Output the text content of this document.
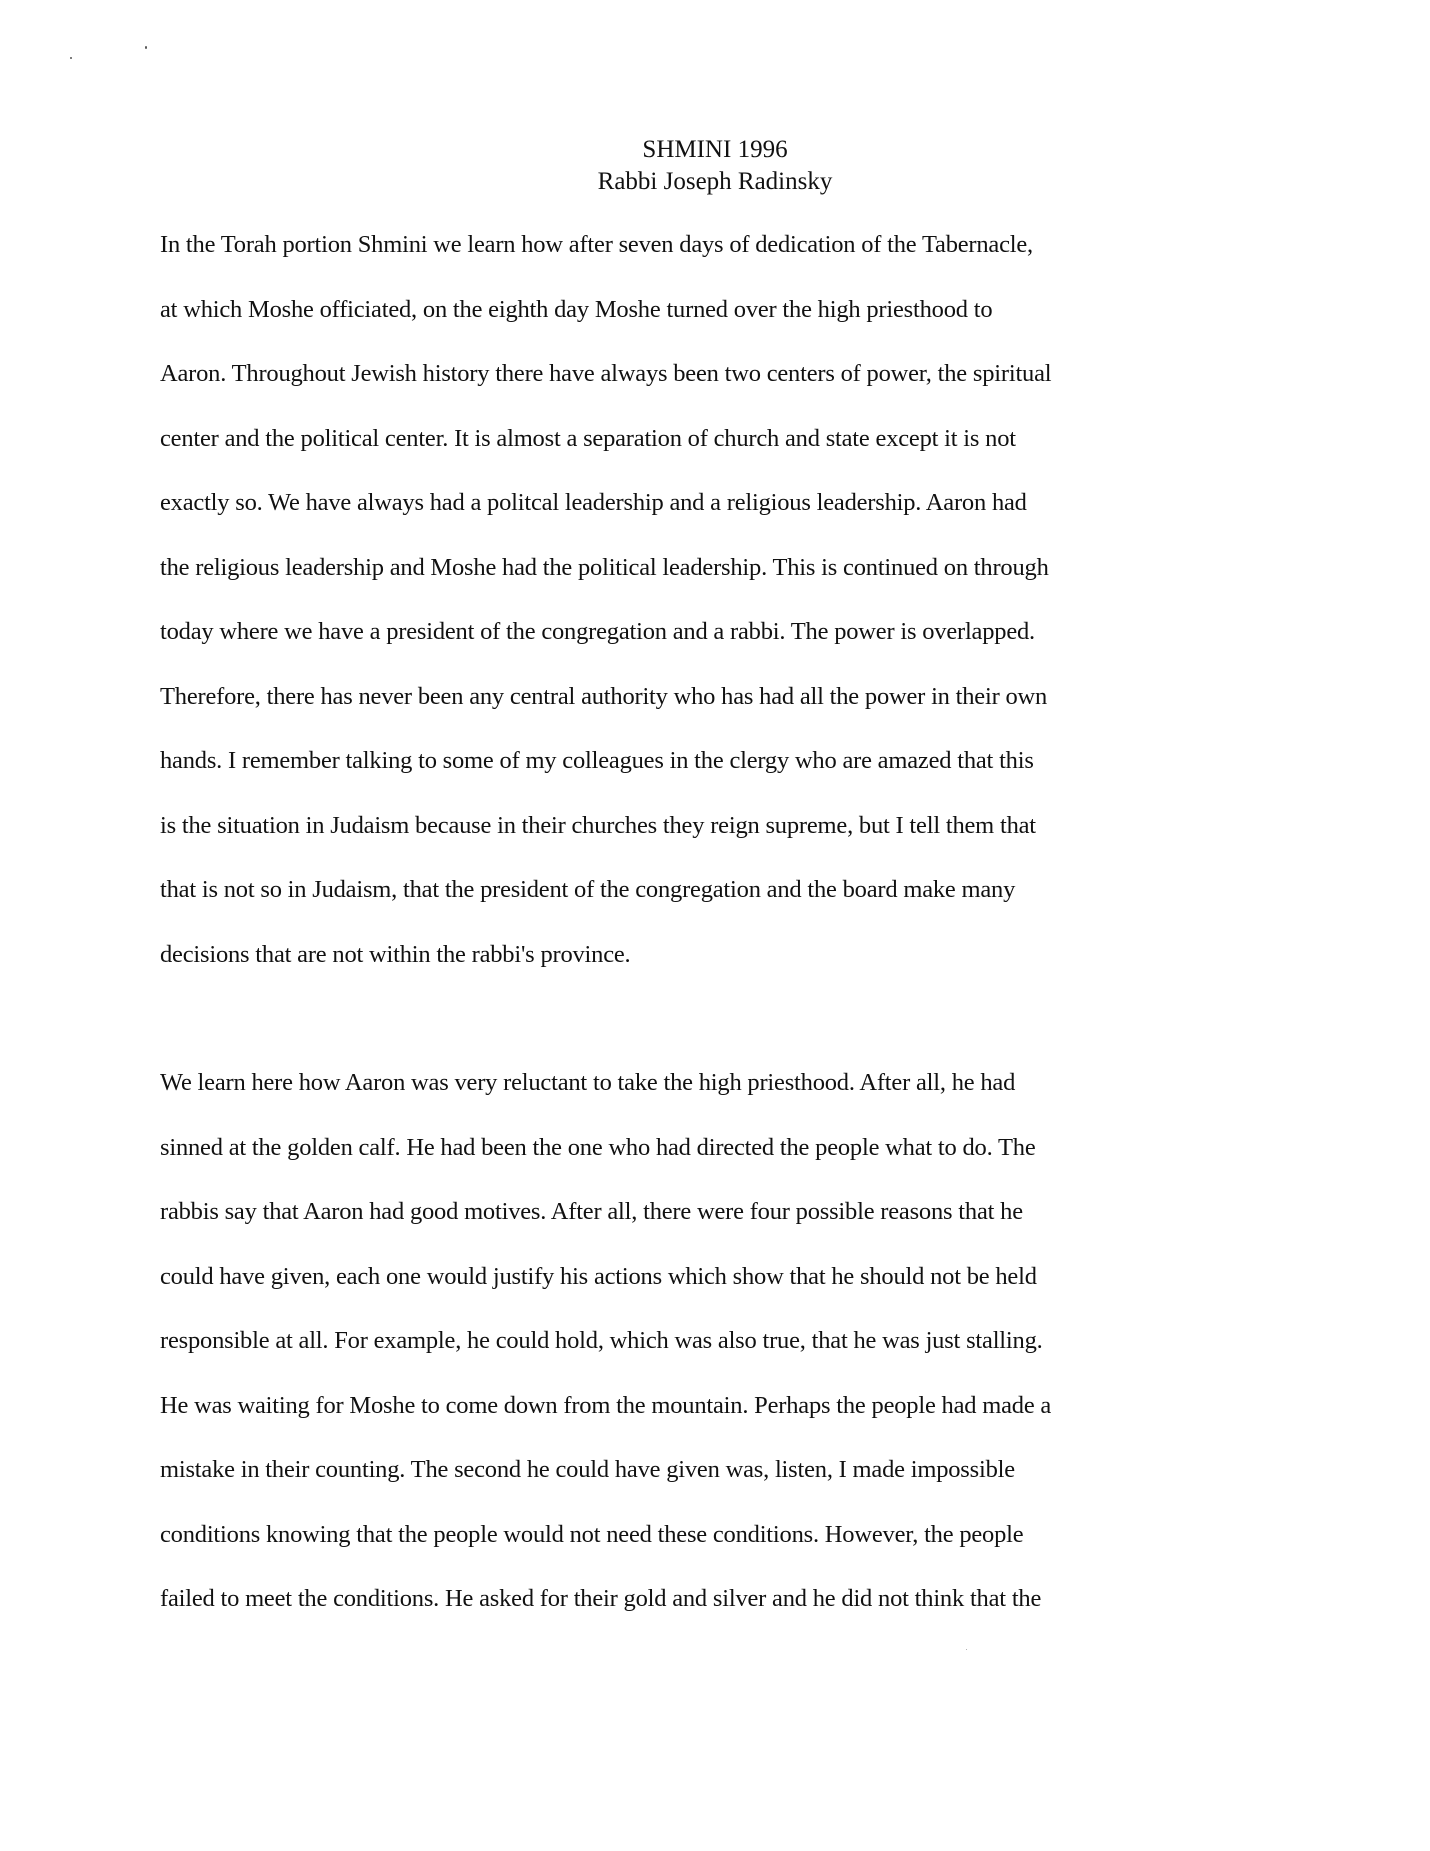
SHMINI 1996
Rabbi Joseph Radinsky
In the Torah portion Shmini we learn how after seven days of dedication of the Tabernacle,
at which Moshe officiated, on the eighth day Moshe turned over the high priesthood to
Aaron. Throughout Jewish history there have always been two centers of power, the spiritual
center and the political center. It is almost a separation of church and state except it is not
exactly so. We have always had a politcal leadership and a religious leadership. Aaron had
the religious leadership and Moshe had the political leadership. This is continued on through
today where we have a president of the congregation and a rabbi. The power is overlapped.
Therefore, there has never been any central authority who has had all the power in their own
hands. I remember talking to some of my colleagues in the clergy who are amazed that this
is the situation in Judaism because in their churches they reign supreme, but I tell them that
that is not so in Judaism, that the president of the congregation and the board make many
decisions that are not within the rabbi's province.
We learn here how Aaron was very reluctant to take the high priesthood. After all, he had
sinned at the golden calf. He had been the one who had directed the people what to do. The
rabbis say that Aaron had good motives. After all, there were four possible reasons that he
could have given, each one would justify his actions which show that he should not be held
responsible at all. For example, he could hold, which was also true, that he was just stalling.
He was waiting for Moshe to come down from the mountain. Perhaps the people had made a
mistake in their counting. The second he could have given was, listen, I made impossible
conditions knowing that the people would not need these conditions. However, the people
failed to meet the conditions. He asked for their gold and silver and he did not think that the
